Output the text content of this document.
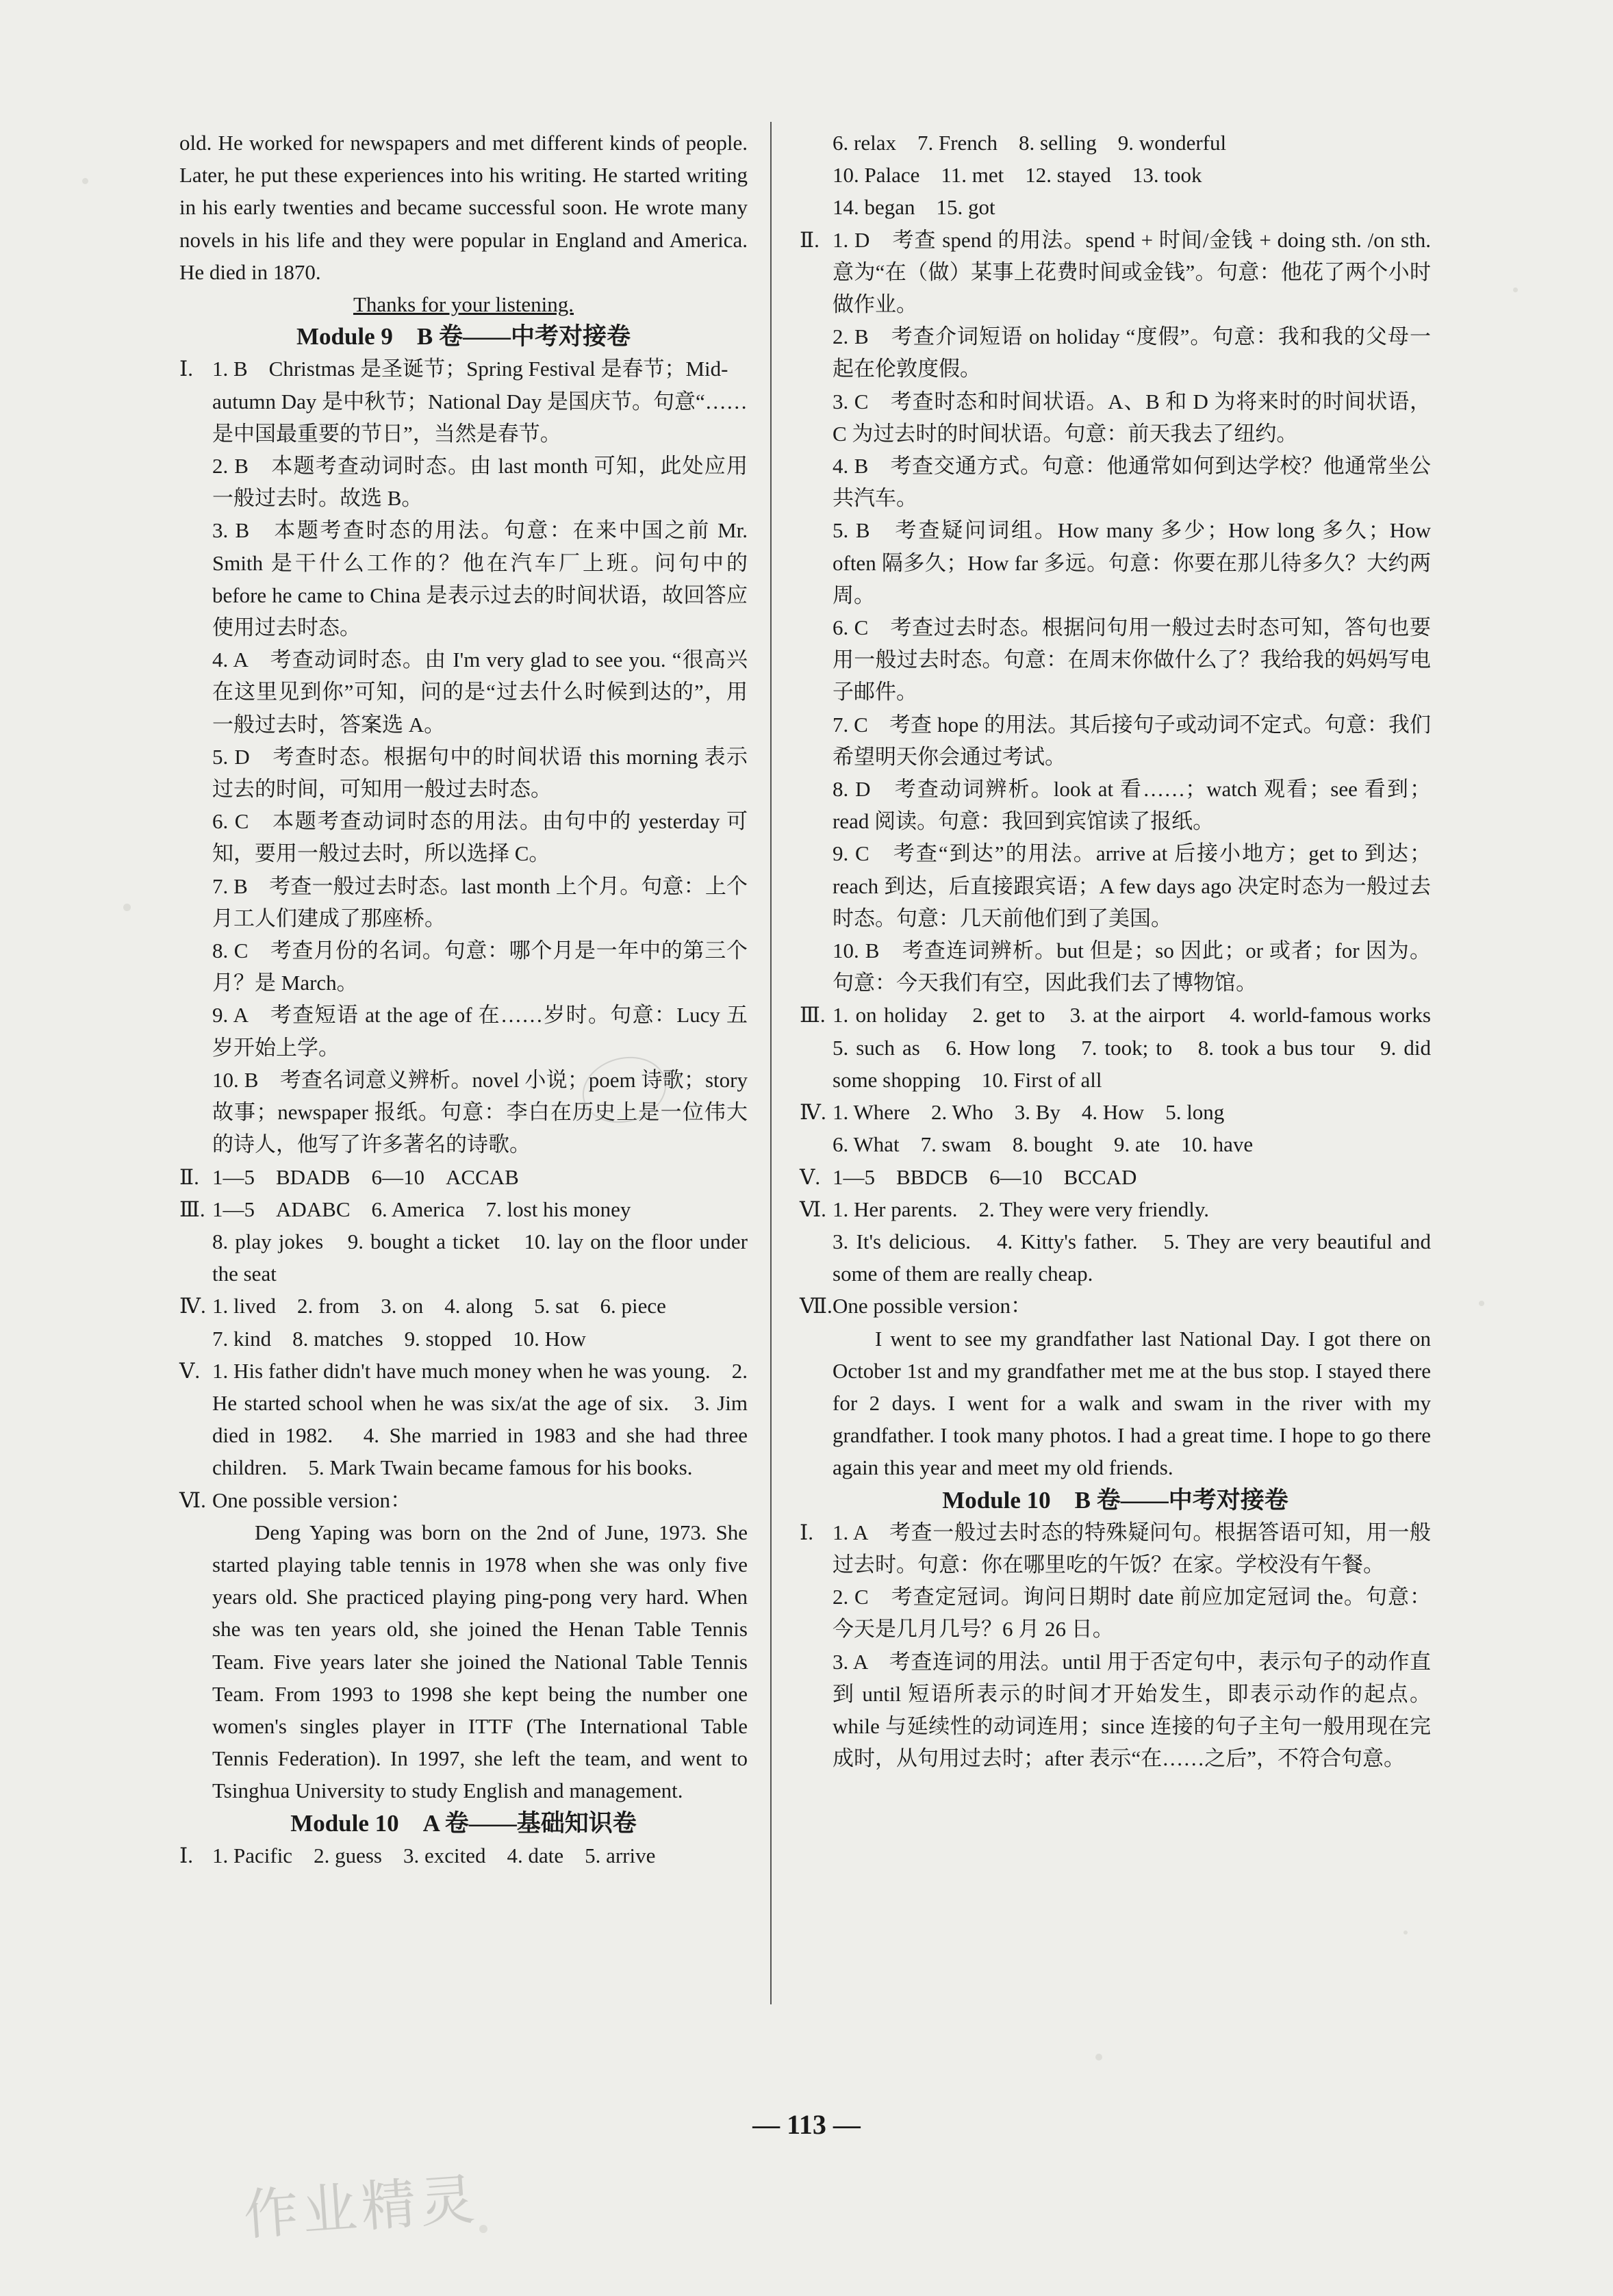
old. He worked for newspapers and met different kinds of people. Later, he put these experiences into his writing. He started writing in his early twenties and became successful soon. He wrote many novels in his life and they were popular in England and America. He died in 1870.
Thanks for your listening.
Module 9　B 卷——中考对接卷
Ⅰ. 1. B　Christmas 是圣诞节；Spring Festival 是春节；Mid-autumn Day 是中秋节；National Day 是国庆节。句意“……是中国最重要的节日”，当然是春节。
2. B　本题考查动词时态。由 last month 可知，此处应用一般过去时。故选 B。
3. B　本题考查时态的用法。句意：在来中国之前 Mr. Smith 是干什么工作的？他在汽车厂上班。问句中的 before he came to China 是表示过去的时间状语，故回答应使用过去时态。
4. A　考查动词时态。由 I'm very glad to see you. “很高兴在这里见到你”可知，问的是“过去什么时候到达的”，用一般过去时，答案选 A。
5. D　考查时态。根据句中的时间状语 this morning 表示过去的时间，可知用一般过去时态。
6. C　本题考查动词时态的用法。由句中的 yesterday 可知，要用一般过去时，所以选择 C。
7. B　考查一般过去时态。last month 上个月。句意：上个月工人们建成了那座桥。
8. C　考查月份的名词。句意：哪个月是一年中的第三个月？是 March。
9. A　考查短语 at the age of 在……岁时。句意：Lucy 五岁开始上学。
10. B　考查名词意义辨析。novel 小说；poem 诗歌；story 故事；newspaper 报纸。句意：李白在历史上是一位伟大的诗人，他写了许多著名的诗歌。
Ⅱ. 1—5　BDADB　6—10　ACCAB
Ⅲ. 1—5　ADABC　6. America　7. lost his money
8. play jokes　9. bought a ticket　10. lay on the floor under the seat
Ⅳ. 1. lived　2. from　3. on　4. along　5. sat　6. piece
7. kind　8. matches　9. stopped　10. How
Ⅴ. 1. His father didn't have much money when he was young.　2. He started school when he was six/at the age of six.　3. Jim died in 1982.　4. She married in 1983 and she had three children.　5. Mark Twain became famous for his books.
Ⅵ. One possible version：
Deng Yaping was born on the 2nd of June, 1973. She started playing table tennis in 1978 when she was only five years old. She practiced playing ping-pong very hard. When she was ten years old, she joined the Henan Table Tennis Team. Five years later she joined the National Table Tennis Team. From 1993 to 1998 she kept being the number one women's singles player in ITTF (The International Table Tennis Federation). In 1997, she left the team, and went to Tsinghua University to study English and management.
Module 10　A 卷——基础知识卷
Ⅰ. 1. Pacific　2. guess　3. excited　4. date　5. arrive
6. relax　7. French　8. selling　9. wonderful
10. Palace　11. met　12. stayed　13. took
14. began　15. got
Ⅱ. 1. D　考查 spend 的用法。spend + 时间/金钱 + doing sth. /on sth. 意为“在（做）某事上花费时间或金钱”。句意：他花了两个小时做作业。
2. B　考查介词短语 on holiday “度假”。句意：我和我的父母一起在伦敦度假。
3. C　考查时态和时间状语。A、B 和 D 为将来时的时间状语，C 为过去时的时间状语。句意：前天我去了纽约。
4. B　考查交通方式。句意：他通常如何到达学校？他通常坐公共汽车。
5. B　考查疑问词组。How many 多少；How long 多久；How often 隔多久；How far 多远。句意：你要在那儿待多久？大约两周。
6. C　考查过去时态。根据问句用一般过去时态可知，答句也要用一般过去时态。句意：在周末你做什么了？我给我的妈妈写电子邮件。
7. C　考查 hope 的用法。其后接句子或动词不定式。句意：我们希望明天你会通过考试。
8. D　考查动词辨析。look at 看……；watch 观看；see 看到；read 阅读。句意：我回到宾馆读了报纸。
9. C　考查“到达”的用法。arrive at 后接小地方；get to 到达；reach 到达，后直接跟宾语；A few days ago 决定时态为一般过去时态。句意：几天前他们到了美国。
10. B　考查连词辨析。but 但是；so 因此；or 或者；for 因为。句意：今天我们有空，因此我们去了博物馆。
Ⅲ. 1. on holiday　2. get to　3. at the airport　4. world-famous works　5. such as　6. How long　7. took; to　8. took a bus tour　9. did some shopping　10. First of all
Ⅳ. 1. Where　2. Who　3. By　4. How　5. long
6. What　7. swam　8. bought　9. ate　10. have
Ⅴ. 1—5　BBDCB　6—10　BCCAD
Ⅵ. 1. Her parents.　2. They were very friendly.
3. It's delicious.　4. Kitty's father.　5. They are very beautiful and some of them are really cheap.
Ⅶ.One possible version：
I went to see my grandfather last National Day. I got there on October 1st and my grandfather met me at the bus stop. I stayed there for 2 days. I went for a walk and swam in the river with my grandfather. I took many photos. I had a great time. I hope to go there again this year and meet my old friends.
Module 10　B 卷——中考对接卷
Ⅰ. 1. A　考查一般过去时态的特殊疑问句。根据答语可知，用一般过去时。句意：你在哪里吃的午饭？在家。学校没有午餐。
2. C　考查定冠词。询问日期时 date 前应加定冠词 the。句意：今天是几月几号？6 月 26 日。
3. A　考查连词的用法。until 用于否定句中，表示句子的动作直到 until 短语所表示的时间才开始发生，即表示动作的起点。while 与延续性的动词连用；since 连接的句子主句一般用现在完成时，从句用过去时；after 表示“在……之后”，不符合句意。
— 113 —
作业精灵
